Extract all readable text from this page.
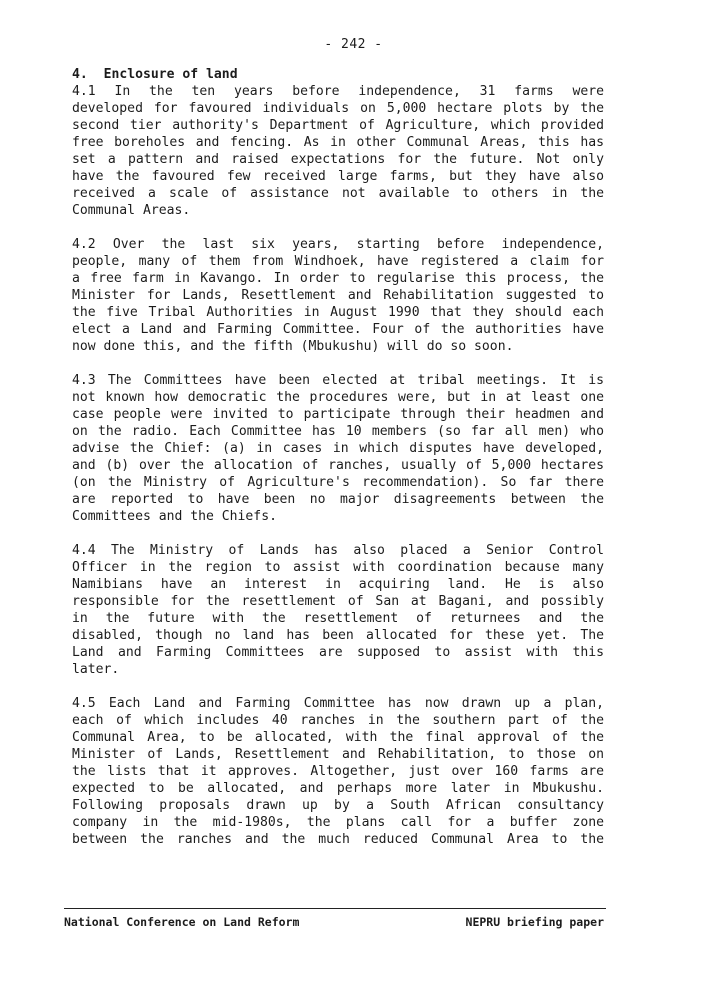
- 242 -
4. Enclosure of land
4.1 In the ten years before independence, 31 farms were
developed for favoured individuals on 5,000 hectare plots by the
second tier authority's Department of Agriculture, which provided
free boreholes and fencing. As in other Communal Areas, this has
set a pattern and raised expectations for the future. Not only
have the favoured few received large farms, but they have also
received a scale of assistance not available to others in the
Communal Areas.
4.2 Over the last six years, starting before independence,
people, many of them from Windhoek, have registered a claim for
a free farm in Kavango. In order to regularise this process, the
Minister for Lands, Resettlement and Rehabilitation suggested to
the five Tribal Authorities in August 1990 that they should each
elect a Land and Farming Committee. Four of the authorities have
now done this, and the fifth (Mbukushu) will do so soon.
4.3 The Committees have been elected at tribal meetings. It is
not known how democratic the procedures were, but in at least one
case people were invited to participate through their headmen and
on the radio. Each Committee has 10 members (so far all men) who
advise the Chief: (a) in cases in which disputes have developed,
and (b) over the allocation of ranches, usually of 5,000 hectares
(on the Ministry of Agriculture's recommendation). So far there
are reported to have been no major disagreements between the
Committees and the Chiefs.
4.4 The Ministry of Lands has also placed a Senior Control
Officer in the region to assist with coordination because many
Namibians have an interest in acquiring land. He is also
responsible for the resettlement of San at Bagani, and possibly
in the future with the resettlement of returnees and the
disabled, though no land has been allocated for these yet. The
Land and Farming Committees are supposed to assist with this
later.
4.5 Each Land and Farming Committee has now drawn up a plan,
each of which includes 40 ranches in the southern part of the
Communal Area, to be allocated, with the final approval of the
Minister of Lands, Resettlement and Rehabilitation, to those on
the lists that it approves. Altogether, just over 160 farms are
expected to be allocated, and perhaps more later in Mbukushu.
Following proposals drawn up by a South African consultancy
company in the mid-1980s, the plans call for a buffer zone
between the ranches and the much reduced Communal Area to the
National Conference on Land Reform	NEPRU briefing paper
